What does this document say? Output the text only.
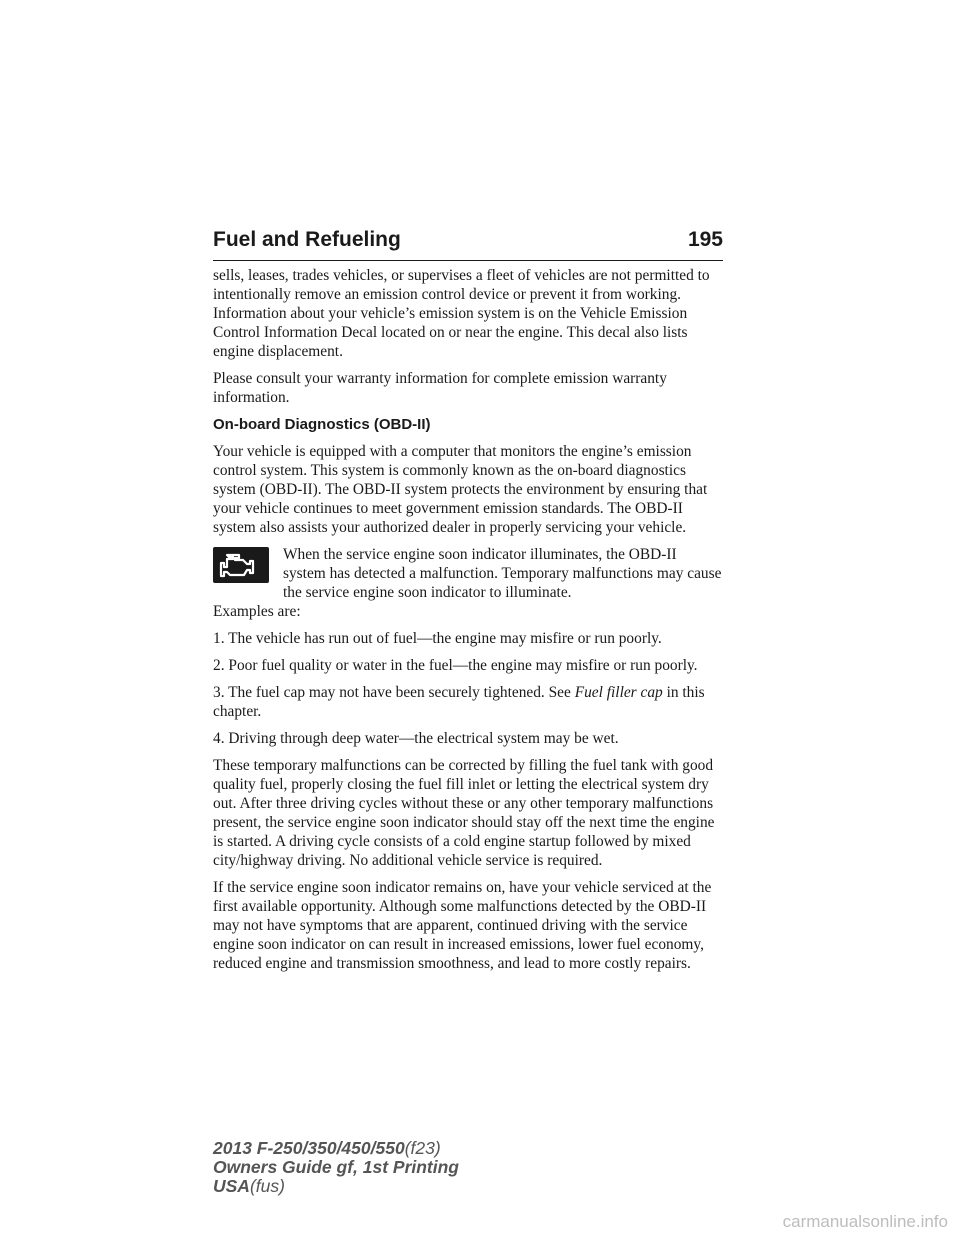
Fuel and Refueling	195

sells, leases, trades vehicles, or supervises a fleet of vehicles are not permitted to intentionally remove an emission control device or prevent it from working. Information about your vehicle’s emission system is on the Vehicle Emission Control Information Decal located on or near the engine. This decal also lists engine displacement.

Please consult your warranty information for complete emission warranty information.

On-board Diagnostics (OBD-II)

Your vehicle is equipped with a computer that monitors the engine’s emission control system. This system is commonly known as the on-board diagnostics system (OBD-II). The OBD-II system protects the environment by ensuring that your vehicle continues to meet government emission standards. The OBD-II system also assists your authorized dealer in properly servicing your vehicle.

When the service engine soon indicator illuminates, the OBD-II system has detected a malfunction. Temporary malfunctions may cause the service engine soon indicator to illuminate.

Examples are:

1. The vehicle has run out of fuel—the engine may misfire or run poorly.

2. Poor fuel quality or water in the fuel—the engine may misfire or run poorly.

3. The fuel cap may not have been securely tightened. See Fuel filler cap in this chapter.

4. Driving through deep water—the electrical system may be wet.

These temporary malfunctions can be corrected by filling the fuel tank with good quality fuel, properly closing the fuel fill inlet or letting the electrical system dry out. After three driving cycles without these or any other temporary malfunctions present, the service engine soon indicator should stay off the next time the engine is started. A driving cycle consists of a cold engine startup followed by mixed city/highway driving. No additional vehicle service is required.

If the service engine soon indicator remains on, have your vehicle serviced at the first available opportunity. Although some malfunctions detected by the OBD-II may not have symptoms that are apparent, continued driving with the service engine soon indicator on can result in increased emissions, lower fuel economy, reduced engine and transmission smoothness, and lead to more costly repairs.

2013 F-250/350/450/550(f23)
Owners Guide gf, 1st Printing
USA(fus)
carmanualsonline.info
